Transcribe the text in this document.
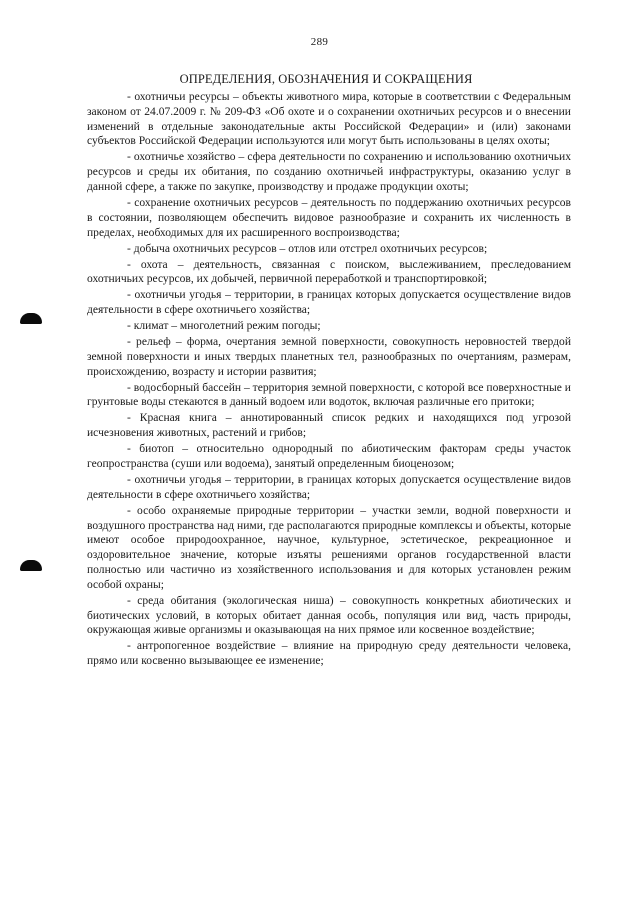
289
ОПРЕДЕЛЕНИЯ, ОБОЗНАЧЕНИЯ И СОКРАЩЕНИЯ

- охотничьи ресурсы – объекты животного мира, которые в соответствии с Федеральным законом от 24.07.2009 г. № 209-ФЗ «Об охоте и о сохранении охотничьих ресурсов и о внесении изменений в отдельные законодательные акты Российской Федерации» и (или) законами субъектов Российской Федерации используются или могут быть использованы в целях охоты;

- охотничье хозяйство – сфера деятельности по сохранению и использованию охотничьих ресурсов и среды их обитания, по созданию охотничьей инфраструктуры, оказанию услуг в данной сфере, а также по закупке, производству и продаже продукции охоты;

- сохранение охотничьих ресурсов – деятельность по поддержанию охотничьих ресурсов в состоянии, позволяющем обеспечить видовое разнообразие и сохранить их численность в пределах, необходимых для их расширенного воспроизводства;

- добыча охотничьих ресурсов – отлов или отстрел охотничьих ресурсов;

- охота – деятельность, связанная с поиском, выслеживанием, преследованием охотничьих ресурсов, их добычей, первичной переработкой и транспортировкой;

- охотничьи угодья – территории, в границах которых допускается осуществление видов деятельности в сфере охотничьего хозяйства;

- климат – многолетний режим погоды;

- рельеф – форма, очертания земной поверхности, совокупность неровностей твердой земной поверхности и иных твердых планетных тел, разнообразных по очертаниям, размерам, происхождению, возрасту и истории развития;

- водосборный бассейн – территория земной поверхности, с которой все поверхностные и грунтовые воды стекаются в данный водоем или водоток, включая различные его притоки;

- Красная книга – аннотированный список редких и находящихся под угрозой исчезновения животных, растений и грибов;

- биотоп – относительно однородный по абиотическим факторам среды участок геопространства (суши или водоема), занятый определенным биоценозом;

- охотничьи угодья – территории, в границах которых допускается осуществление видов деятельности в сфере охотничьего хозяйства;

- особо охраняемые природные территории – участки земли, водной поверхности и воздушного пространства над ними, где располагаются природные комплексы и объекты, которые имеют особое природоохранное, научное, культурное, эстетическое, рекреационное и оздоровительное значение, которые изъяты решениями органов государственной власти полностью или частично из хозяйственного использования и для которых установлен режим особой охраны;

- среда обитания (экологическая ниша) – совокупность конкретных абиотических и биотических условий, в которых обитает данная особь, популяция или вид, часть природы, окружающая живые организмы и оказывающая на них прямое или косвенное воздействие;

- антропогенное воздействие – влияние на природную среду деятельности человека, прямо или косвенно вызывающее ее изменение;
